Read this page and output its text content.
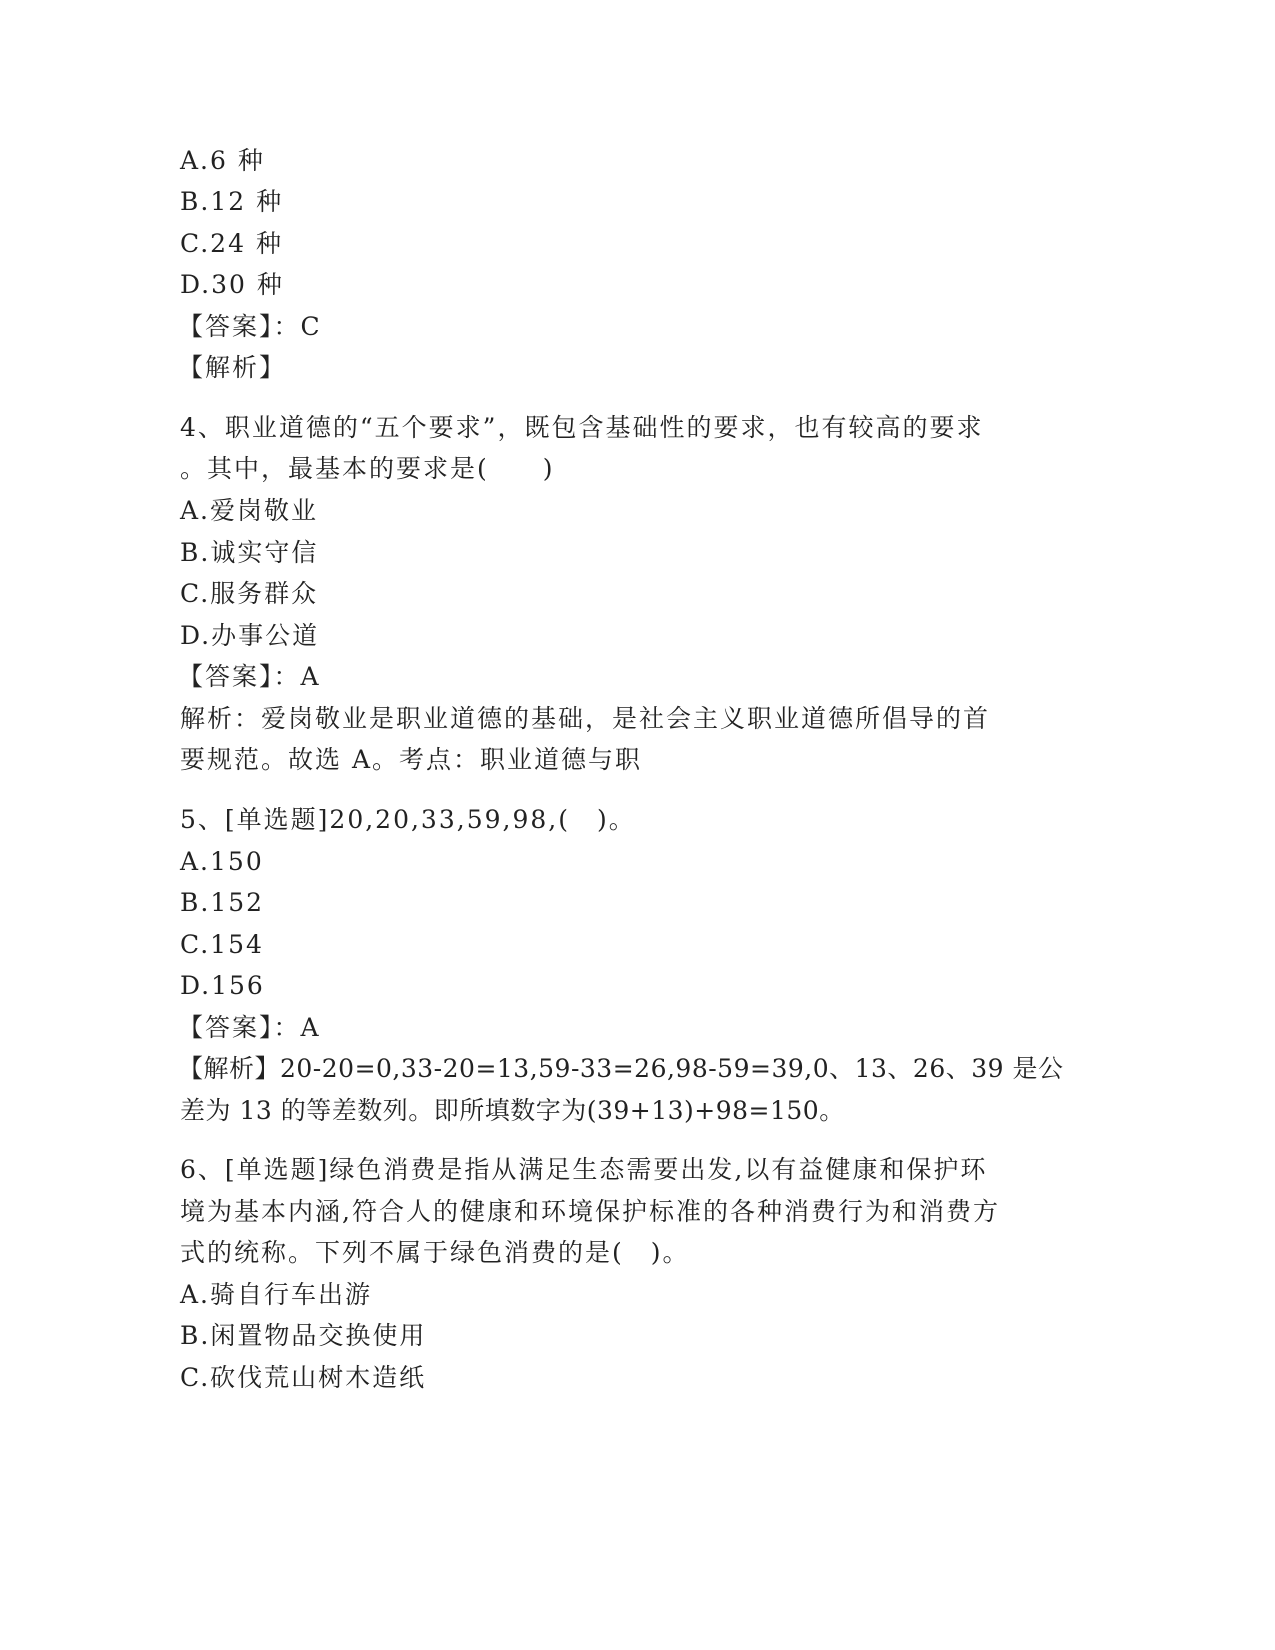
A.6 种
B.12 种
C.24 种
D.30 种
【答案】：C
【解析】
4、职业道德的“五个要求”，既包含基础性的要求，也有较高的要求
。其中，最基本的要求是(　　)
A.爱岗敬业
B.诚实守信
C.服务群众
D.办事公道
【答案】：A
解析：爱岗敬业是职业道德的基础，是社会主义职业道德所倡导的首
要规范。故选 A。考点：职业道德与职
5、[单选题]20,20,33,59,98,(　)。
A.150
B.152
C.154
D.156
【答案】：A
【解析】20-20=0,33-20=13,59-33=26,98-59=39,0、13、26、39 是公
差为 13 的等差数列。即所填数字为(39+13)+98=150。
6、[单选题]绿色消费是指从满足生态需要出发,以有益健康和保护环
境为基本内涵,符合人的健康和环境保护标准的各种消费行为和消费方
式的统称。下列不属于绿色消费的是(　)。
A.骑自行车出游
B.闲置物品交换使用
C.砍伐荒山树木造纸
